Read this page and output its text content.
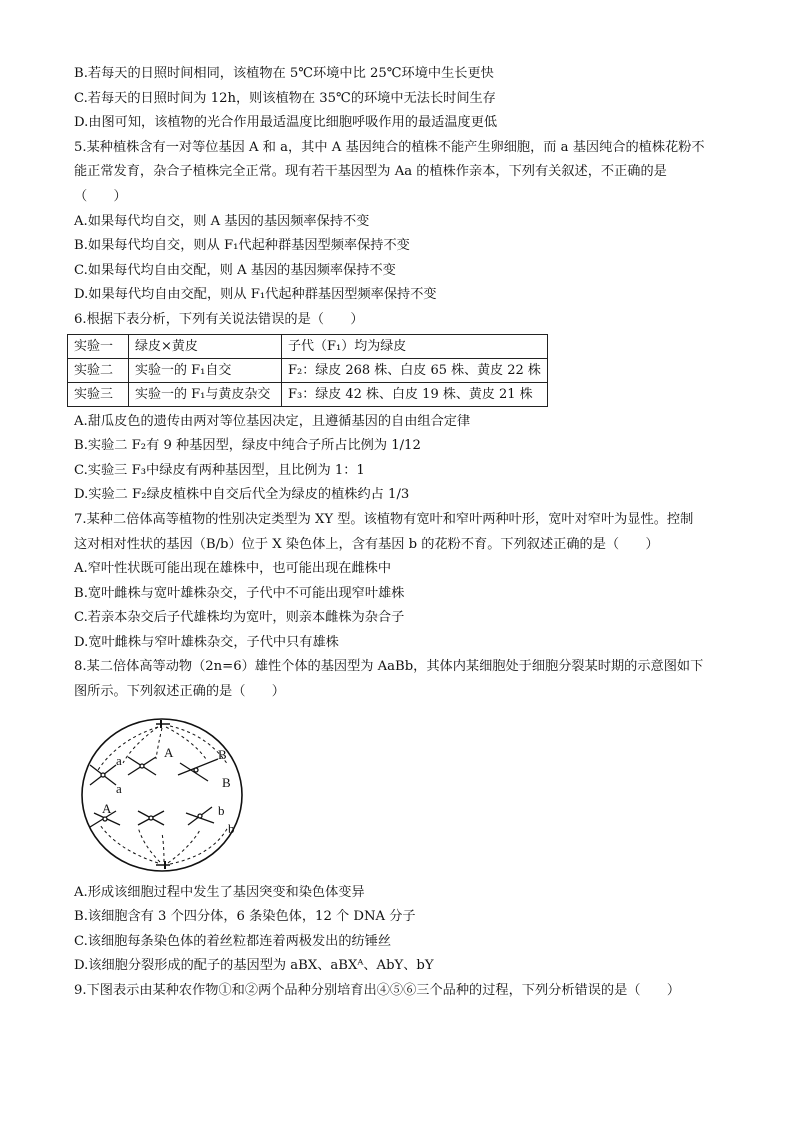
B.若每天的日照时间相同，该植物在 5℃环境中比 25℃环境中生长更快
C.若每天的日照时间为 12h，则该植物在 35℃的环境中无法长时间生存
D.由图可知，该植物的光合作用最适温度比细胞呼吸作用的最适温度更低
5.某种植株含有一对等位基因 A 和 a，其中 A 基因纯合的植株不能产生卵细胞，而 a 基因纯合的植株花粉不
能正常发育，杂合子植株完全正常。现有若干基因型为 Aa 的植株作亲本，下列有关叙述，不正确的是
（　　）
A.如果每代均自交，则 A 基因的基因频率保持不变
B.如果每代均自交，则从 F₁代起种群基因型频率保持不变
C.如果每代均自由交配，则 A 基因的基因频率保持不变
D.如果每代均自由交配，则从 F₁代起种群基因型频率保持不变
6.根据下表分析，下列有关说法错误的是（　　）
实验一	绿皮×黄皮	子代（F₁）均为绿皮
实验二	实验一的 F₁自交	F₂：绿皮 268 株、白皮 65 株、黄皮 22 株
实验三	实验一的 F₁与黄皮杂交	F₃：绿皮 42 株、白皮 19 株、黄皮 21 株
A.甜瓜皮色的遗传由两对等位基因决定，且遵循基因的自由组合定律
B.实验二 F₂有 9 种基因型，绿皮中纯合子所占比例为 1/12
C.实验三 F₃中绿皮有两种基因型，且比例为 1：1
D.实验二 F₂绿皮植株中自交后代全为绿皮的植株约占 1/3
7.某种二倍体高等植物的性别决定类型为 XY 型。该植物有宽叶和窄叶两种叶形，宽叶对窄叶为显性。控制
这对相对性状的基因（B/b）位于 X 染色体上，含有基因 b 的花粉不育。下列叙述正确的是（　　）
A.窄叶性状既可能出现在雄株中，也可能出现在雌株中
B.宽叶雌株与宽叶雄株杂交，子代中不可能出现窄叶雄株
C.若亲本杂交后子代雄株均为宽叶，则亲本雌株为杂合子
D.宽叶雌株与窄叶雄株杂交，子代中只有雄株
8.某二倍体高等动物（2n=6）雄性个体的基因型为 AaBb，其体内某细胞处于细胞分裂某时期的示意图如下
图所示。下列叙述正确的是（　　）
a
a
A	B
B
A	b
b
A.形成该细胞过程中发生了基因突变和染色体变异
B.该细胞含有 3 个四分体，6 条染色体，12 个 DNA 分子
C.该细胞每条染色体的着丝粒都连着两极发出的纺锤丝
D.该细胞分裂形成的配子的基因型为 aBX、aBXᴬ、AbY、bY
9.下图表示由某种农作物①和②两个品种分别培育出④⑤⑥三个品种的过程，下列分析错误的是（　　）
